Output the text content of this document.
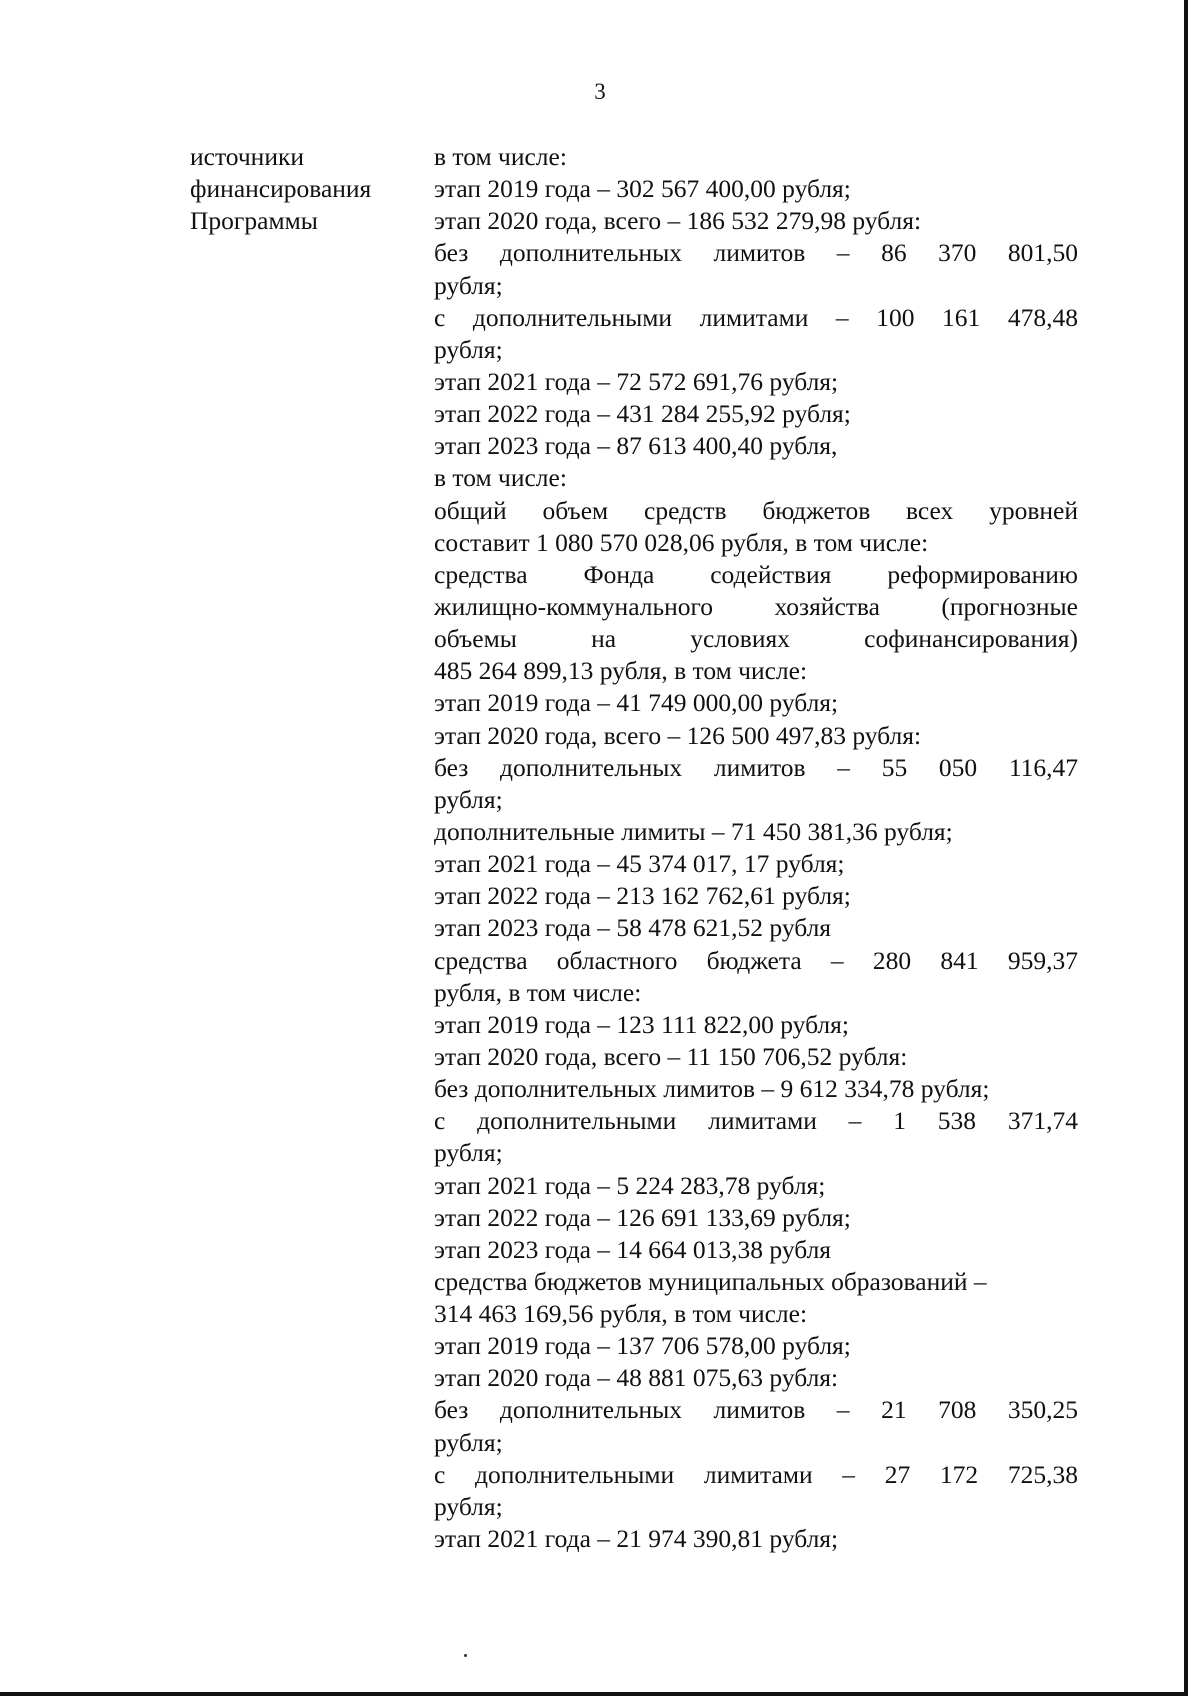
3
источники
финансирования
Программы
в том числе:
этап 2019 года – 302 567 400,00 рубля;
этап 2020 года, всего – 186 532 279,98 рубля:
без дополнительных лимитов – 86 370 801,50
рубля;
с дополнительными лимитами – 100 161 478,48
рубля;
этап 2021 года – 72 572 691,76 рубля;
этап 2022 года – 431 284 255,92 рубля;
этап 2023 года – 87 613 400,40 рубля,
в том числе:
общий объем средств бюджетов всех уровней
составит 1 080 570 028,06 рубля, в том числе:
средства Фонда содействия реформированию
жилищно-коммунального хозяйства (прогнозные
объемы на условиях софинансирования)
485 264 899,13 рубля, в том числе:
этап 2019 года – 41 749 000,00 рубля;
этап 2020 года, всего – 126 500 497,83 рубля:
без дополнительных лимитов – 55 050 116,47
рубля;
дополнительные лимиты – 71 450 381,36 рубля;
этап 2021 года – 45 374 017, 17 рубля;
этап 2022 года – 213 162 762,61 рубля;
этап 2023 года – 58 478 621,52 рубля
средства областного бюджета – 280 841 959,37
рубля, в том числе:
этап 2019 года – 123 111 822,00 рубля;
этап 2020 года, всего – 11 150 706,52 рубля:
без дополнительных лимитов – 9 612 334,78 рубля;
с дополнительными лимитами – 1 538 371,74
рубля;
этап 2021 года – 5 224 283,78 рубля;
этап 2022 года – 126 691 133,69 рубля;
этап 2023 года – 14 664 013,38 рубля
средства бюджетов муниципальных образований –
314 463 169,56 рубля, в том числе:
этап 2019 года – 137 706 578,00 рубля;
этап 2020 года – 48 881 075,63 рубля:
без дополнительных лимитов – 21 708 350,25
рубля;
с дополнительными лимитами – 27 172 725,38
рубля;
этап 2021 года – 21 974 390,81 рубля;
